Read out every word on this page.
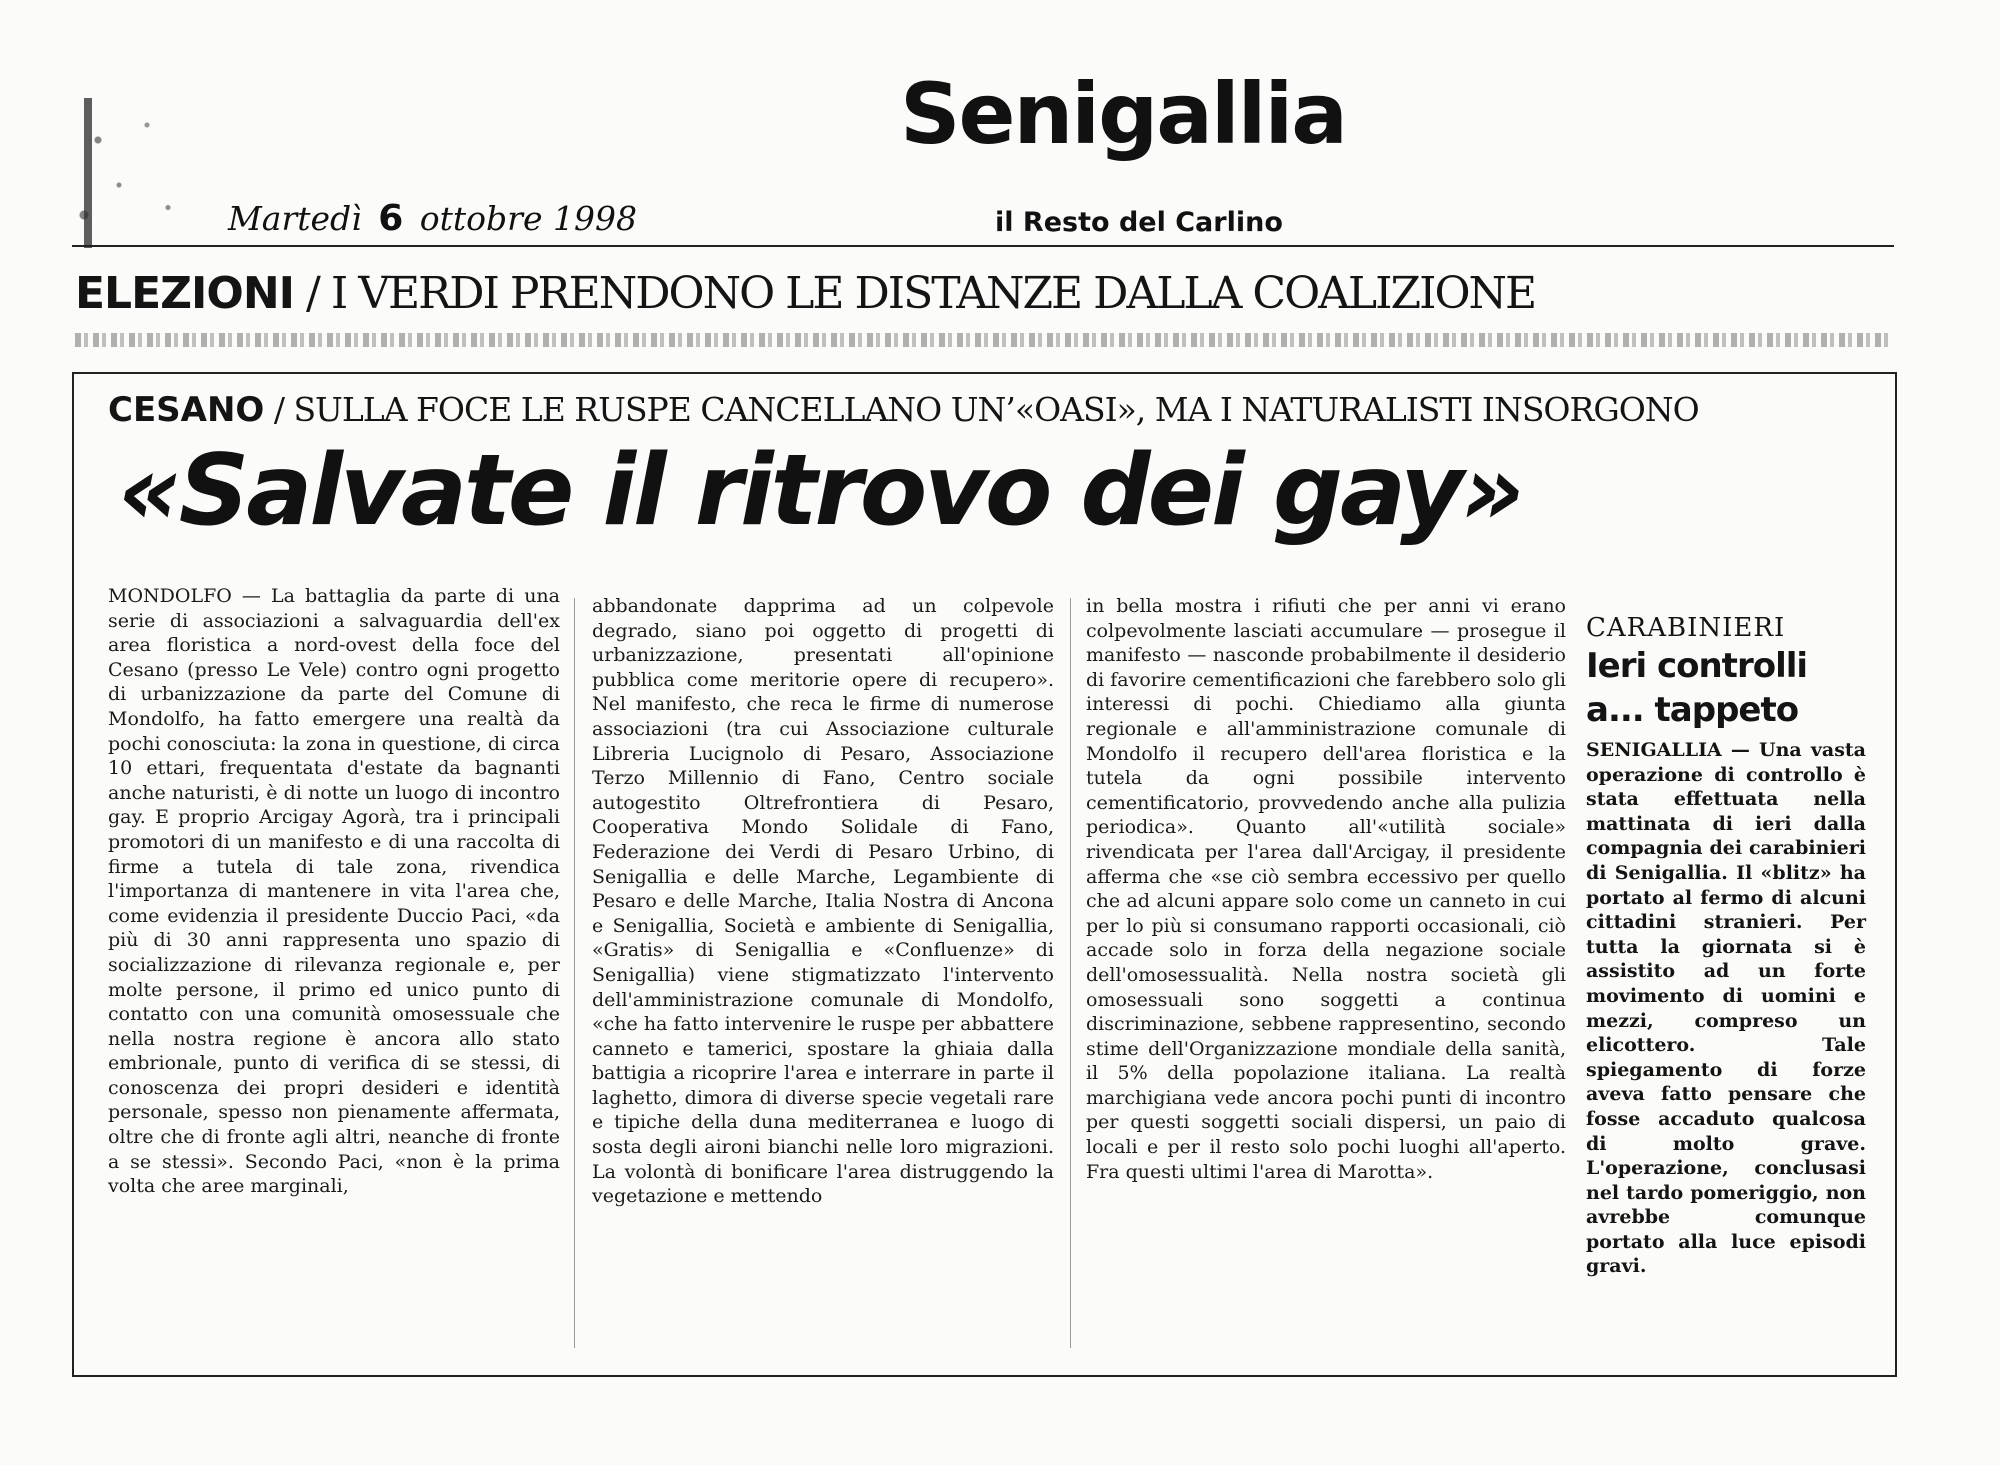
Senigallia
il Resto del Carlino
Martedì 6 ottobre 1998
ELEZIONI / I VERDI PRENDONO LE DISTANZE DALLA COALIZIONE
CESANO / SULLA FOCE LE RUSPE CANCELLANO UN’«OASI», MA I NATURALISTI INSORGONO
«Salvate il ritrovo dei gay»
MONDOLFO — La battaglia da parte di una serie di associazioni a salvaguardia dell'ex area floristica a nord-ovest della foce del Cesano (presso Le Vele) contro ogni progetto di urbanizzazione da parte del Comune di Mondolfo, ha fatto emergere una realtà da pochi conosciuta: la zona in questione, di circa 10 ettari, frequentata d'estate da bagnanti anche naturisti, è di notte un luogo di incontro gay. E proprio Arcigay Agorà, tra i principali promotori di un manifesto e di una raccolta di firme a tutela di tale zona, rivendica l'importanza di mantenere in vita l'area che, come evidenzia il presidente Duccio Paci, «da più di 30 anni rappresenta uno spazio di socializzazione di rilevanza regionale e, per molte persone, il primo ed unico punto di contatto con una comunità omosessuale che nella nostra regione è ancora allo stato embrionale, punto di verifica di se stessi, di conoscenza dei propri desideri e identità personale, spesso non pienamente affermata, oltre che di fronte agli altri, neanche di fronte a se stessi». Secondo Paci, «non è la prima volta che aree marginali,
abbandonate dapprima ad un colpevole degrado, siano poi oggetto di progetti di urbanizzazione, presentati all'opinione pubblica come meritorie opere di recupero». Nel manifesto, che reca le firme di numerose associazioni (tra cui Associazione culturale Libreria Lucignolo di Pesaro, Associazione Terzo Millennio di Fano, Centro sociale autogestito Oltrefrontiera di Pesaro, Cooperativa Mondo Solidale di Fano, Federazione dei Verdi di Pesaro Urbino, di Senigallia e delle Marche, Legambiente di Pesaro e delle Marche, Italia Nostra di Ancona e Senigallia, Società e ambiente di Senigallia, «Gratis» di Senigallia e «Confluenze» di Senigallia) viene stigmatizzato l'intervento dell'amministrazione comunale di Mondolfo, «che ha fatto intervenire le ruspe per abbattere canneto e tamerici, spostare la ghiaia dalla battigia a ricoprire l'area e interrare in parte il laghetto, dimora di diverse specie vegetali rare e tipiche della duna mediterranea e luogo di sosta degli aironi bianchi nelle loro migrazioni. La volontà di bonificare l'area distruggendo la vegetazione e mettendo
in bella mostra i rifiuti che per anni vi erano colpevolmente lasciati accumulare — prosegue il manifesto — nasconde probabilmente il desiderio di favorire cementificazioni che farebbero solo gli interessi di pochi. Chiediamo alla giunta regionale e all'amministrazione comunale di Mondolfo il recupero dell'area floristica e la tutela da ogni possibile intervento cementificatorio, provvedendo anche alla pulizia periodica». Quanto all'«utilità sociale» rivendicata per l'area dall'Arcigay, il presidente afferma che «se ciò sembra eccessivo per quello che ad alcuni appare solo come un canneto in cui per lo più si consumano rapporti occasionali, ciò accade solo in forza della negazione sociale dell'omosessualità. Nella nostra società gli omosessuali sono soggetti a continua discriminazione, sebbene rappresentino, secondo stime dell'Organizzazione mondiale della sanità, il 5% della popolazione italiana. La realtà marchigiana vede ancora pochi punti di incontro per questi soggetti sociali dispersi, un paio di locali e per il resto solo pochi luoghi all'aperto. Fra questi ultimi l'area di Marotta».
CARABINIERI
Ieri controlli a... tappeto
SENIGALLIA — Una vasta operazione di controllo è stata effettuata nella mattinata di ieri dalla compagnia dei carabinieri di Senigallia. Il «blitz» ha portato al fermo di alcuni cittadini stranieri. Per tutta la giornata si è assistito ad un forte movimento di uomini e mezzi, compreso un elicottero. Tale spiegamento di forze aveva fatto pensare che fosse accaduto qualcosa di molto grave. L'operazione, conclusasi nel tardo pomeriggio, non avrebbe comunque portato alla luce episodi gravi.
